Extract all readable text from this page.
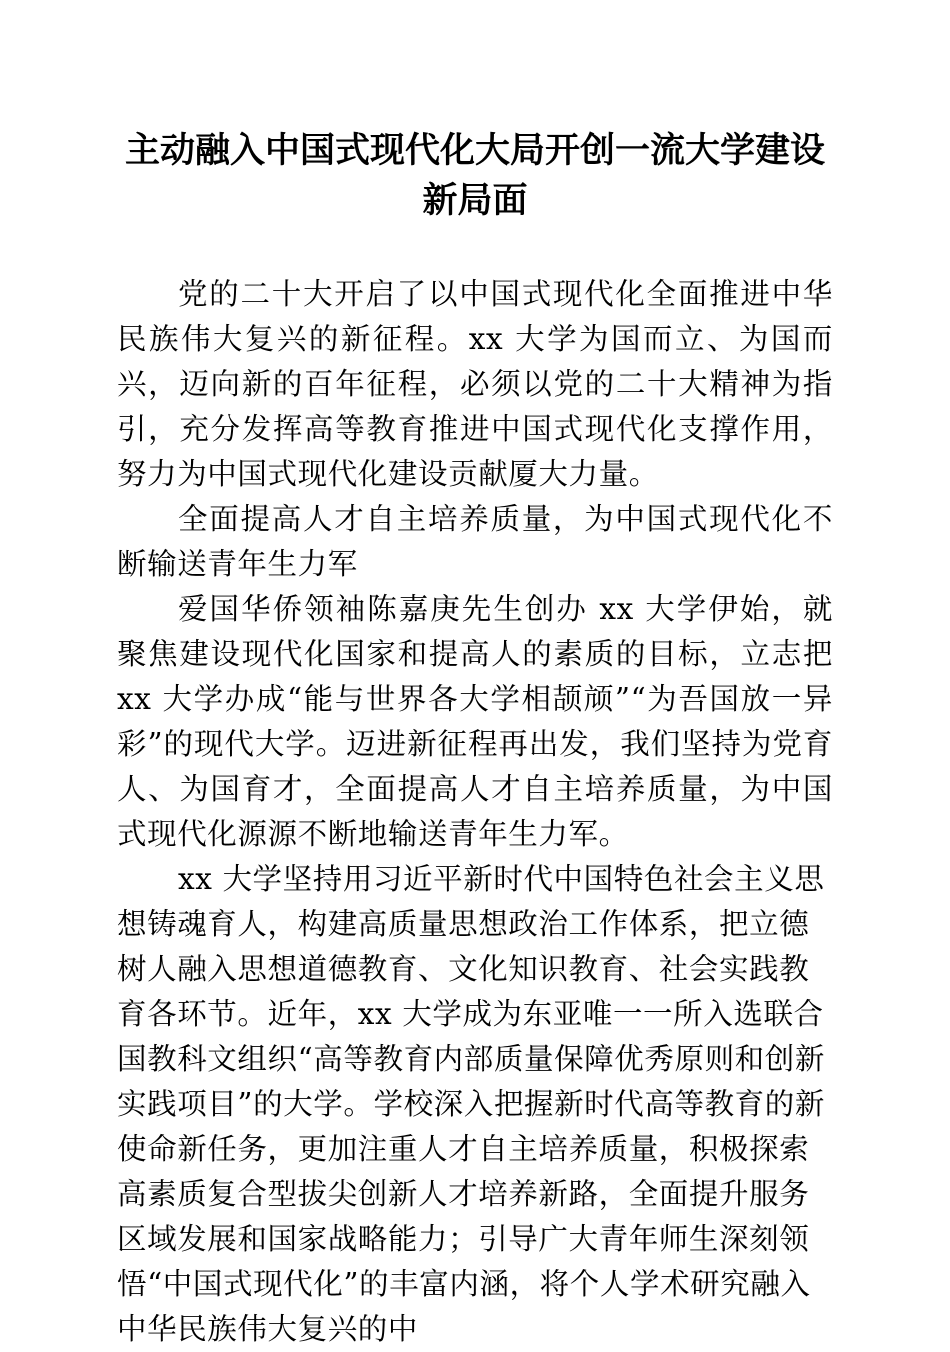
主动融入中国式现代化大局开创一流大学建设新局面

党的二十大开启了以中国式现代化全面推进中华民族伟大复兴的新征程。xx 大学为国而立、为国而兴，迈向新的百年征程，必须以党的二十大精神为指引，充分发挥高等教育推进中国式现代化支撑作用，努力为中国式现代化建设贡献厦大力量。

全面提高人才自主培养质量，为中国式现代化不断输送青年生力军

爱国华侨领袖陈嘉庚先生创办 xx 大学伊始，就聚焦建设现代化国家和提高人的素质的目标，立志把 xx 大学办成“能与世界各大学相颉颃”“为吾国放一异彩”的现代大学。迈进新征程再出发，我们坚持为党育人、为国育才，全面提高人才自主培养质量，为中国式现代化源源不断地输送青年生力军。

xx 大学坚持用习近平新时代中国特色社会主义思想铸魂育人，构建高质量思想政治工作体系，把立德树人融入思想道德教育、文化知识教育、社会实践教育各环节。近年，xx 大学成为东亚唯一一所入选联合国教科文组织“高等教育内部质量保障优秀原则和创新实践项目”的大学。学校深入把握新时代高等教育的新使命新任务，更加注重人才自主培养质量，积极探索高素质复合型拔尖创新人才培养新路，全面提升服务区域发展和国家战略能力；引导广大青年师生深刻领悟“中国式现代化”的丰富内涵，将个人学术研究融入中华民族伟大复兴的中
